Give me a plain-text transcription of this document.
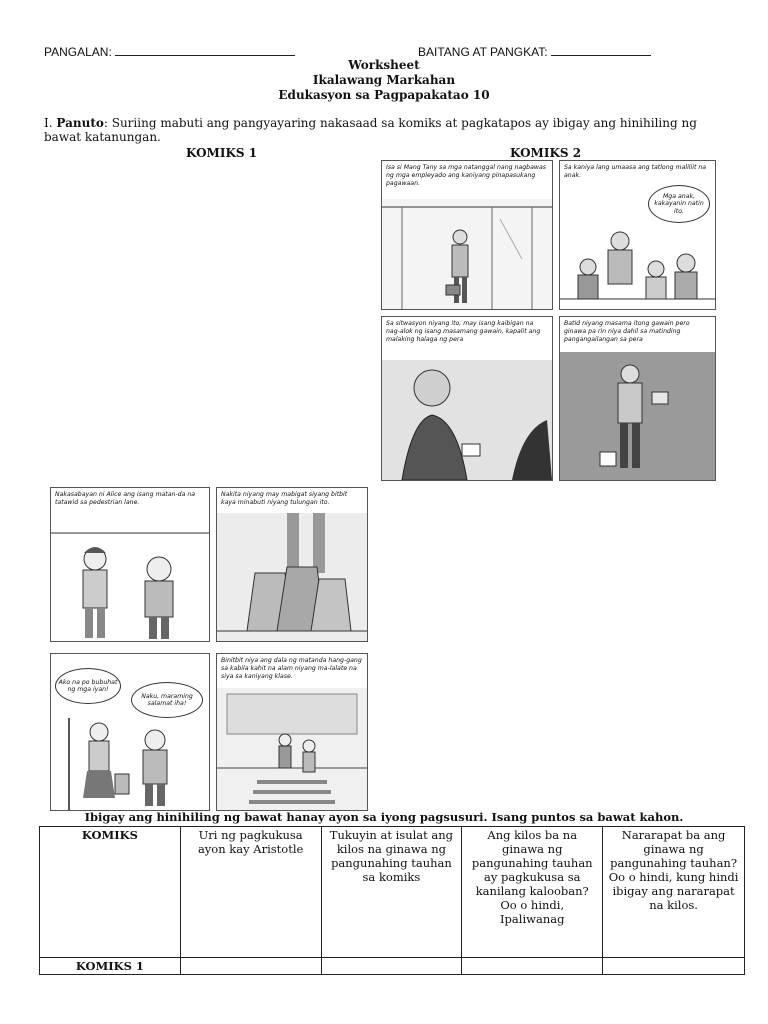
PANGALAN:	BAITANG AT PANGKAT:
Worksheet
Ikalawang Markahan
Edukasyon sa Pagpapakatao 10
I. Panuto: Suriing mabuti ang pangyayaring nakasaad sa komiks at pagkatapos ay ibigay ang hinihiling ng bawat katanungan.
KOMIKS 1	KOMIKS 2
Isa si Mang Tany sa mga natanggal nang nagbawas ng mga empleyado ang kaniyang pinapasukang pagawaan.
Sa kaniya lang umaasa ang tatlong maliliit na anak.
Mga anak, kakayanin natin ito.
Sa sitwasyon niyang ito, may isang kaibigan na nag-alok ng isang masamang gawain, kapalit ang malaking halaga ng pera
Batid niyang masama itong gawain pero ginawa pa rin niya dahil sa matinding pangangailangan sa pera
Nakasabayan ni Alice ang isang matan-da na tatawid sa pedestrian lane.
Nakita niyang may mabigat siyang bitbit kaya minabuti niyang tulungan ito.
Ako na po bubuhat ng mga iyan!
Naku, maraming salamat iha!
Binitbit niya ang dala ng matanda hang-gang sa kabila kahit na alam niyang ma-lalate na siya sa kaniyang klase.
Ibigay ang hinihiling ng bawat hanay ayon sa iyong pagsusuri. Isang puntos sa bawat kahon.
KOMIKS	Uri ng pagkukusa ayon kay Aristotle	Tukuyin at isulat ang kilos na ginawa ng pangunahing tauhan sa komiks	Ang kilos ba na ginawa ng pangunahing tauhan ay pagkukusa sa kanilang kalooban? Oo o hindi, Ipaliwanag	Nararapat ba ang ginawa ng pangunahing tauhan? Oo o hindi, kung hindi ibigay ang nararapat na kilos.
KOMIKS 1				
